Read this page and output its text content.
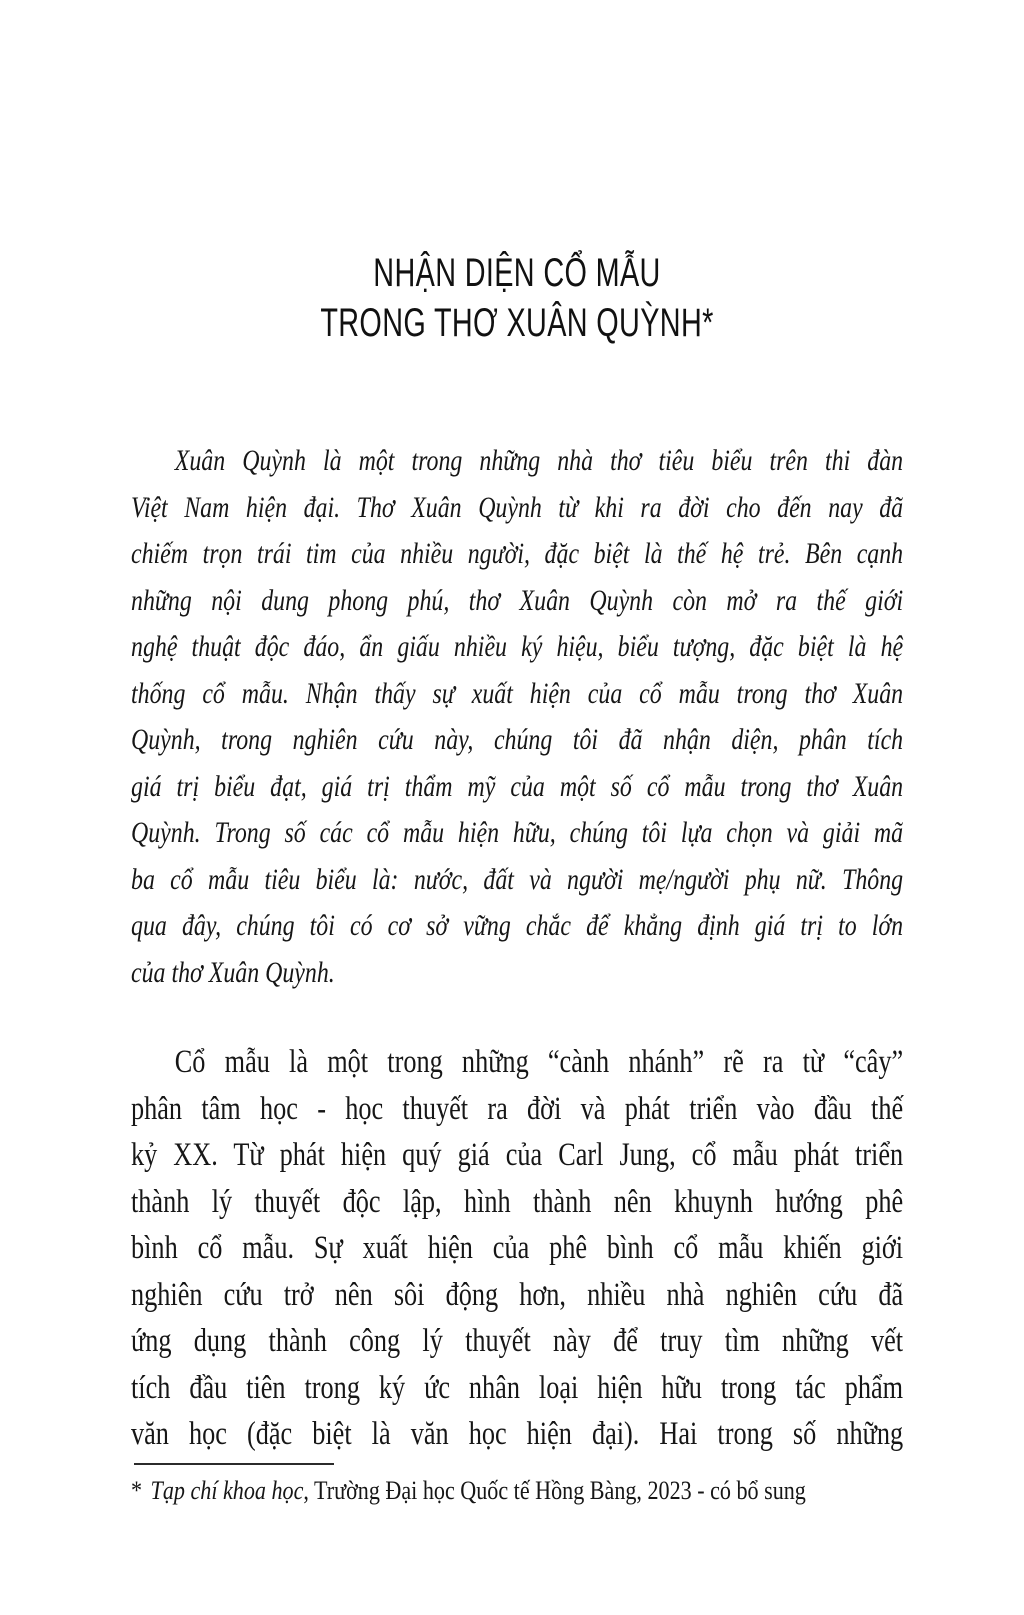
NHẬN DIỆN CỔ MẪU
TRONG THƠ XUÂN QUỲNH*
Xuân Quỳnh là một trong những nhà thơ tiêu biểu trên thi đàn
Việt Nam hiện đại. Thơ Xuân Quỳnh từ khi ra đời cho đến nay đã
chiếm trọn trái tim của nhiều người, đặc biệt là thế hệ trẻ. Bên cạnh
những nội dung phong phú, thơ Xuân Quỳnh còn mở ra thế giới
nghệ thuật độc đáo, ẩn giấu nhiều ký hiệu, biểu tượng, đặc biệt là hệ
thống cổ mẫu. Nhận thấy sự xuất hiện của cổ mẫu trong thơ Xuân
Quỳnh, trong nghiên cứu này, chúng tôi đã nhận diện, phân tích
giá trị biểu đạt, giá trị thẩm mỹ của một số cổ mẫu trong thơ Xuân
Quỳnh. Trong số các cổ mẫu hiện hữu, chúng tôi lựa chọn và giải mã
ba cổ mẫu tiêu biểu là: nước, đất và người mẹ/người phụ nữ. Thông
qua đây, chúng tôi có cơ sở vững chắc để khẳng định giá trị to lớn
của thơ Xuân Quỳnh.
Cổ mẫu là một trong những “cành nhánh” rẽ ra từ “cây”
phân tâm học - học thuyết ra đời và phát triển vào đầu thế
kỷ XX. Từ phát hiện quý giá của Carl Jung, cổ mẫu phát triển
thành lý thuyết độc lập, hình thành nên khuynh hướng phê
bình cổ mẫu. Sự xuất hiện của phê bình cổ mẫu khiến giới
nghiên cứu trở nên sôi động hơn, nhiều nhà nghiên cứu đã
ứng dụng thành công lý thuyết này để truy tìm những vết
tích đầu tiên trong ký ức nhân loại hiện hữu trong tác phẩm
văn học (đặc biệt là văn học hiện đại). Hai trong số những
* Tạp chí khoa học, Trường Đại học Quốc tế Hồng Bàng, 2023 - có bổ sung
